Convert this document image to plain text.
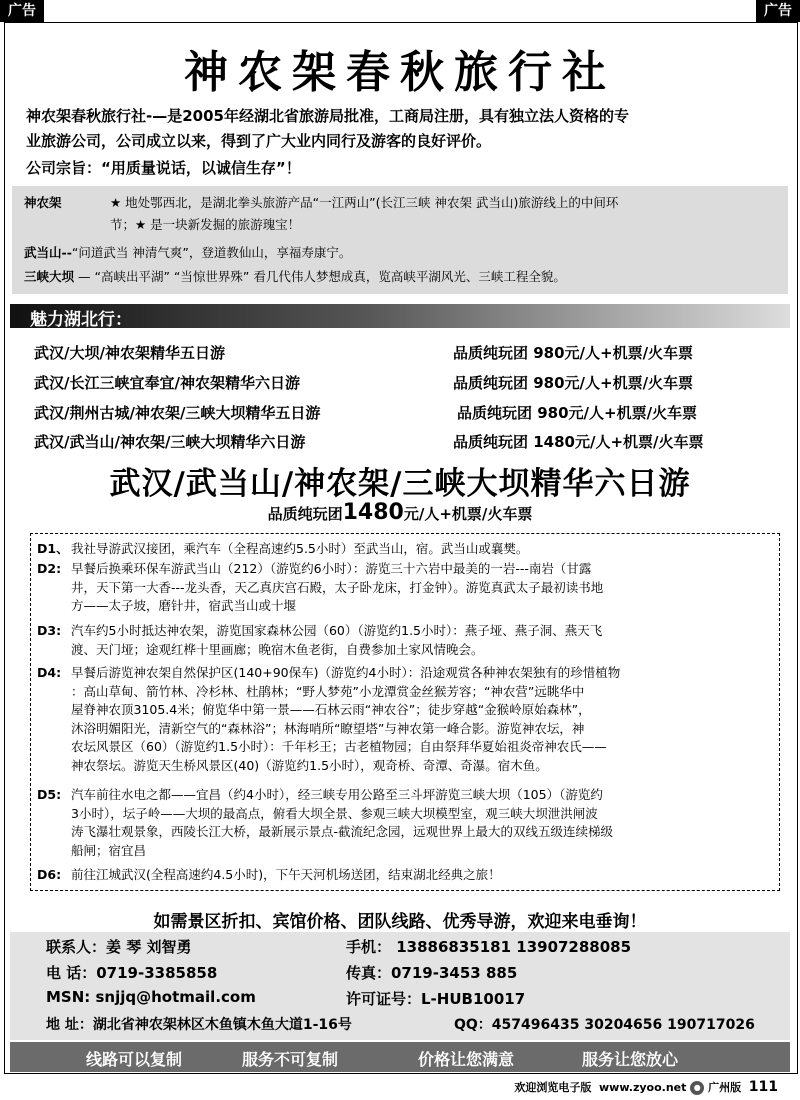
广告	广告
神农架春秋旅行社
神农架春秋旅行社-—是2005年经湖北省旅游局批准，工商局注册，具有独立法人资格的专
业旅游公司，公司成立以来，得到了广大业内同行及游客的良好评价。
公司宗旨：“用质量说话，以诚信生存”！
神农架	★ 地处鄂西北，是湖北拳头旅游产品“一江两山”(长江三峡 神农架 武当山)旅游线上的中间环
节；★ 是一块新发掘的旅游瑰宝！
武当山--“问道武当 神清气爽”，登道教仙山，享福寿康宁。
三峡大坝 — “高峡出平湖” “当惊世界殊” 看几代伟人梦想成真，览高峡平湖风光、三峡工程全貌。
魅力湖北行：
武汉/大坝/神农架精华五日游	品质纯玩团 980元/人+机票/火车票
武汉/长江三峡宜奉宜/神农架精华六日游	品质纯玩团 980元/人+机票/火车票
武汉/荆州古城/神农架/三峡大坝精华五日游	品质纯玩团 980元/人+机票/火车票
武汉/武当山/神农架/三峡大坝精华六日游	品质纯玩团 1480元/人+机票/火车票
武汉/武当山/神农架/三峡大坝精华六日游
品质纯玩团1480元/人+机票/火车票
D1、 我社导游武汉接团，乘汽车（全程高速约5.5小时）至武当山，宿。武当山或襄樊。
D2: 早餐后换乘环保车游武当山（212）（游览约6小时）：游览三十六岩中最美的一岩---南岩（甘露
井，天下第一大香---龙头香，天乙真庆宫石殿，太子卧龙床，打金钟）。游览真武太子最初读书地
方——太子坡，磨针井，宿武当山或十堰
D3: 汽车约5小时抵达神农架，游览国家森林公园（60）（游览约1.5小时）：燕子垭、燕子洞、燕天飞
渡、天门垭；途观红桦十里画廊；晚宿木鱼老街，自费参加土家风情晚会。
D4: 早餐后游览神农架自然保护区(140+90保车)（游览约4小时）：沿途观赏各种神农架独有的珍惜植物
：高山草甸、箭竹林、冷杉林、杜鹃林；“野人梦苑”小龙潭赏金丝猴芳容；“神农营”远眺华中
屋脊神农顶3105.4米；俯览华中第一景——石林云雨“神农谷”；徒步穿越“金猴岭原始森林”，
沐浴明媚阳光，清新空气的“森林浴”；林海哨所“瞭望塔”与神农第一峰合影。游览神农坛，神
农坛风景区（60）（游览约1.5小时）：千年杉王；古老植物园；自由祭拜华夏始祖炎帝神农氏——
神农祭坛。游览天生桥风景区(40)（游览约1.5小时），观奇桥、奇潭、奇瀑。宿木鱼。
D5: 汽车前往水电之都——宜昌（约4小时），经三峡专用公路至三斗坪游览三峡大坝（105）（游览约
3小时），坛子岭——大坝的最高点，俯看大坝全景、参观三峡大坝模型室，观三峡大坝泄洪闸波
涛飞瀑壮观景象，西陵长江大桥，最新展示景点-截流纪念园，远观世界上最大的双线五级连续梯级
船闸；宿宜昌
D6: 前往江城武汉(全程高速约4.5小时)，下午天河机场送团，结束湖北经典之旅！
如需景区折扣、宾馆价格、团队线路、优秀导游，欢迎来电垂询！
联系人：姜 琴 刘智勇	手机： 13886835181 13907288085
电 话：0719-3385858	传真：0719-3453 885
MSN: snjjq@hotmail.com	许可证号：L-HUB10017
地 址：湖北省神农架林区木鱼镇木鱼大道1-16号	QQ：457496435 30204656 190717026
线路可以复制	服务不可复制	价格让您满意	服务让您放心
欢迎浏览电子版 www.zyoo.net ● 广州版 111
